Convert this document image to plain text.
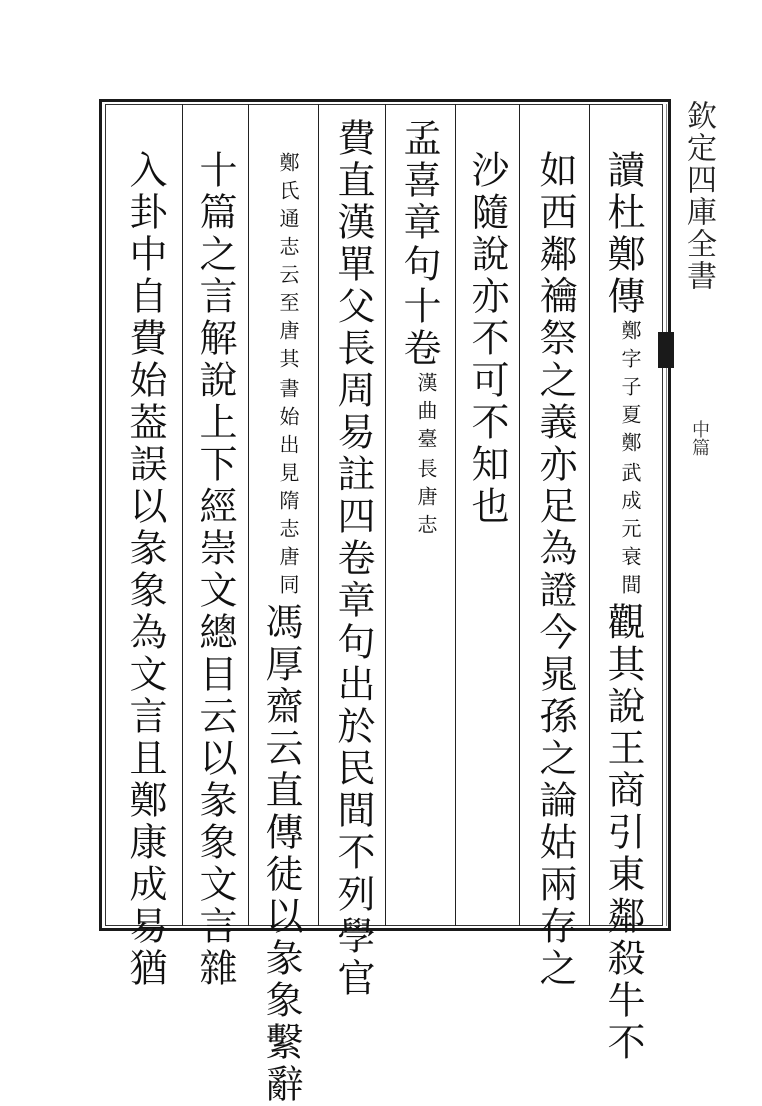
欽定四庫全書
中篇
讀杜鄭傳鄭字子夏鄭武成元衰間觀其說王商引東鄰殺牛不
如西鄰禴祭之義亦足為證今晁孫之論姑兩存之
沙隨說亦不可不知也
孟喜章句十卷漢曲臺長唐志
費直漢單父長周易註四卷章句出於民間不列學官
鄭氏通志云至唐其書始出見隋志唐同馮厚齋云直傳徒以彖象繫辭
十篇之言解說上下經崇文總目云以彖象文言雜
入卦中自費始葢誤以彖象為文言且鄭康成易猶
